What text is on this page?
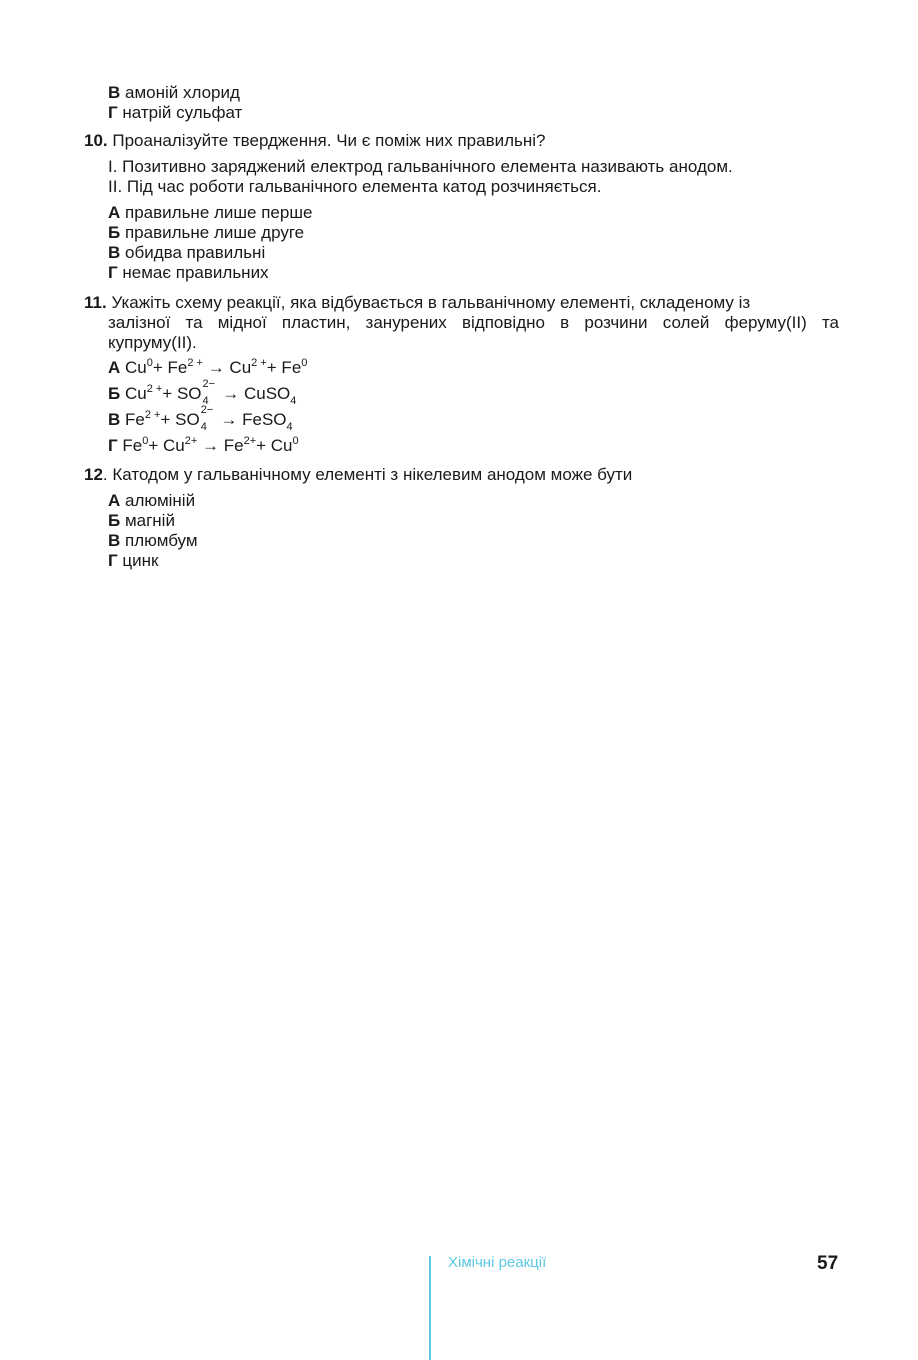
В амоній хлорид
Г натрій сульфат
10. Проаналізуйте твердження. Чи є поміж них правильні?
I. Позитивно заряджений електрод гальванічного елемента називають анодом.
II. Під час роботи гальванічного елемента катод розчиняється.
А правильне лише перше
Б правильне лише друге
В обидва правильні
Г немає правильних
11. Укажіть схему реакції, яка відбувається в гальванічному елементі, складеному із
залізної та мідної пластин, занурених відповідно в розчини солей феруму(II) та
купруму(II).
А $Cu^0+ Fe^{2 +} \to Cu^{2 +}+ Fe^0$
Б $Cu^{2 +}+$ SO 2−
4 → CuSO$_4$
В $Fe^{2 +}+$ SO 2−
4 → FeSO$_4$
Г $Fe^0+ Cu^{2+} \to Fe^{2+}+ Cu^0$
12. Катодом у гальванічному елементі з нікелевим анодом може бути
А алюміній
Б магній
В плюмбум
Г цинк
Хімічні реакції	57
